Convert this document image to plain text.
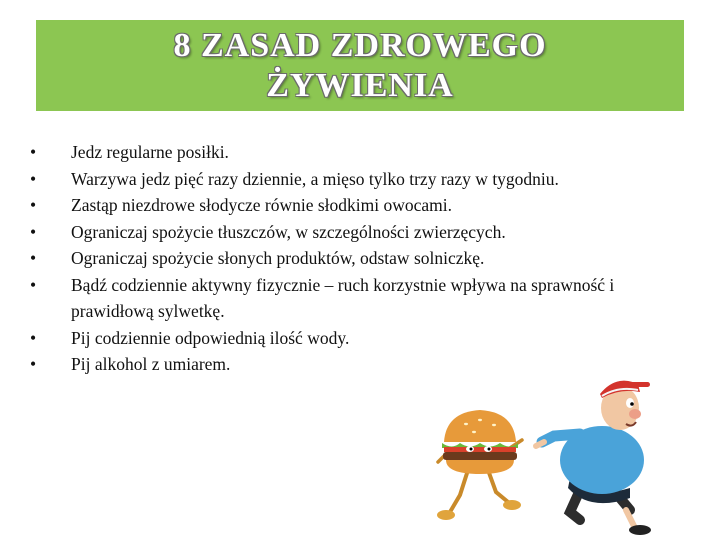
8 ZASAD ZDROWEGO
ŻYWIENIA
• Jedz regularne posiłki.
• Warzywa jedz pięć razy dziennie, a mięso tylko trzy razy w tygodniu.
• Zastąp niezdrowe słodycze równie słodkimi owocami.
• Ograniczaj spożycie tłuszczów, w szczególności zwierzęcych.
• Ograniczaj spożycie słonych produktów, odstaw solniczkę.
• Bądź codziennie aktywny fizycznie – ruch korzystnie wpływa na sprawność i prawidłową sylwetkę.
• Pij codziennie odpowiednią ilość wody.
• Pij alkohol z umiarem.
